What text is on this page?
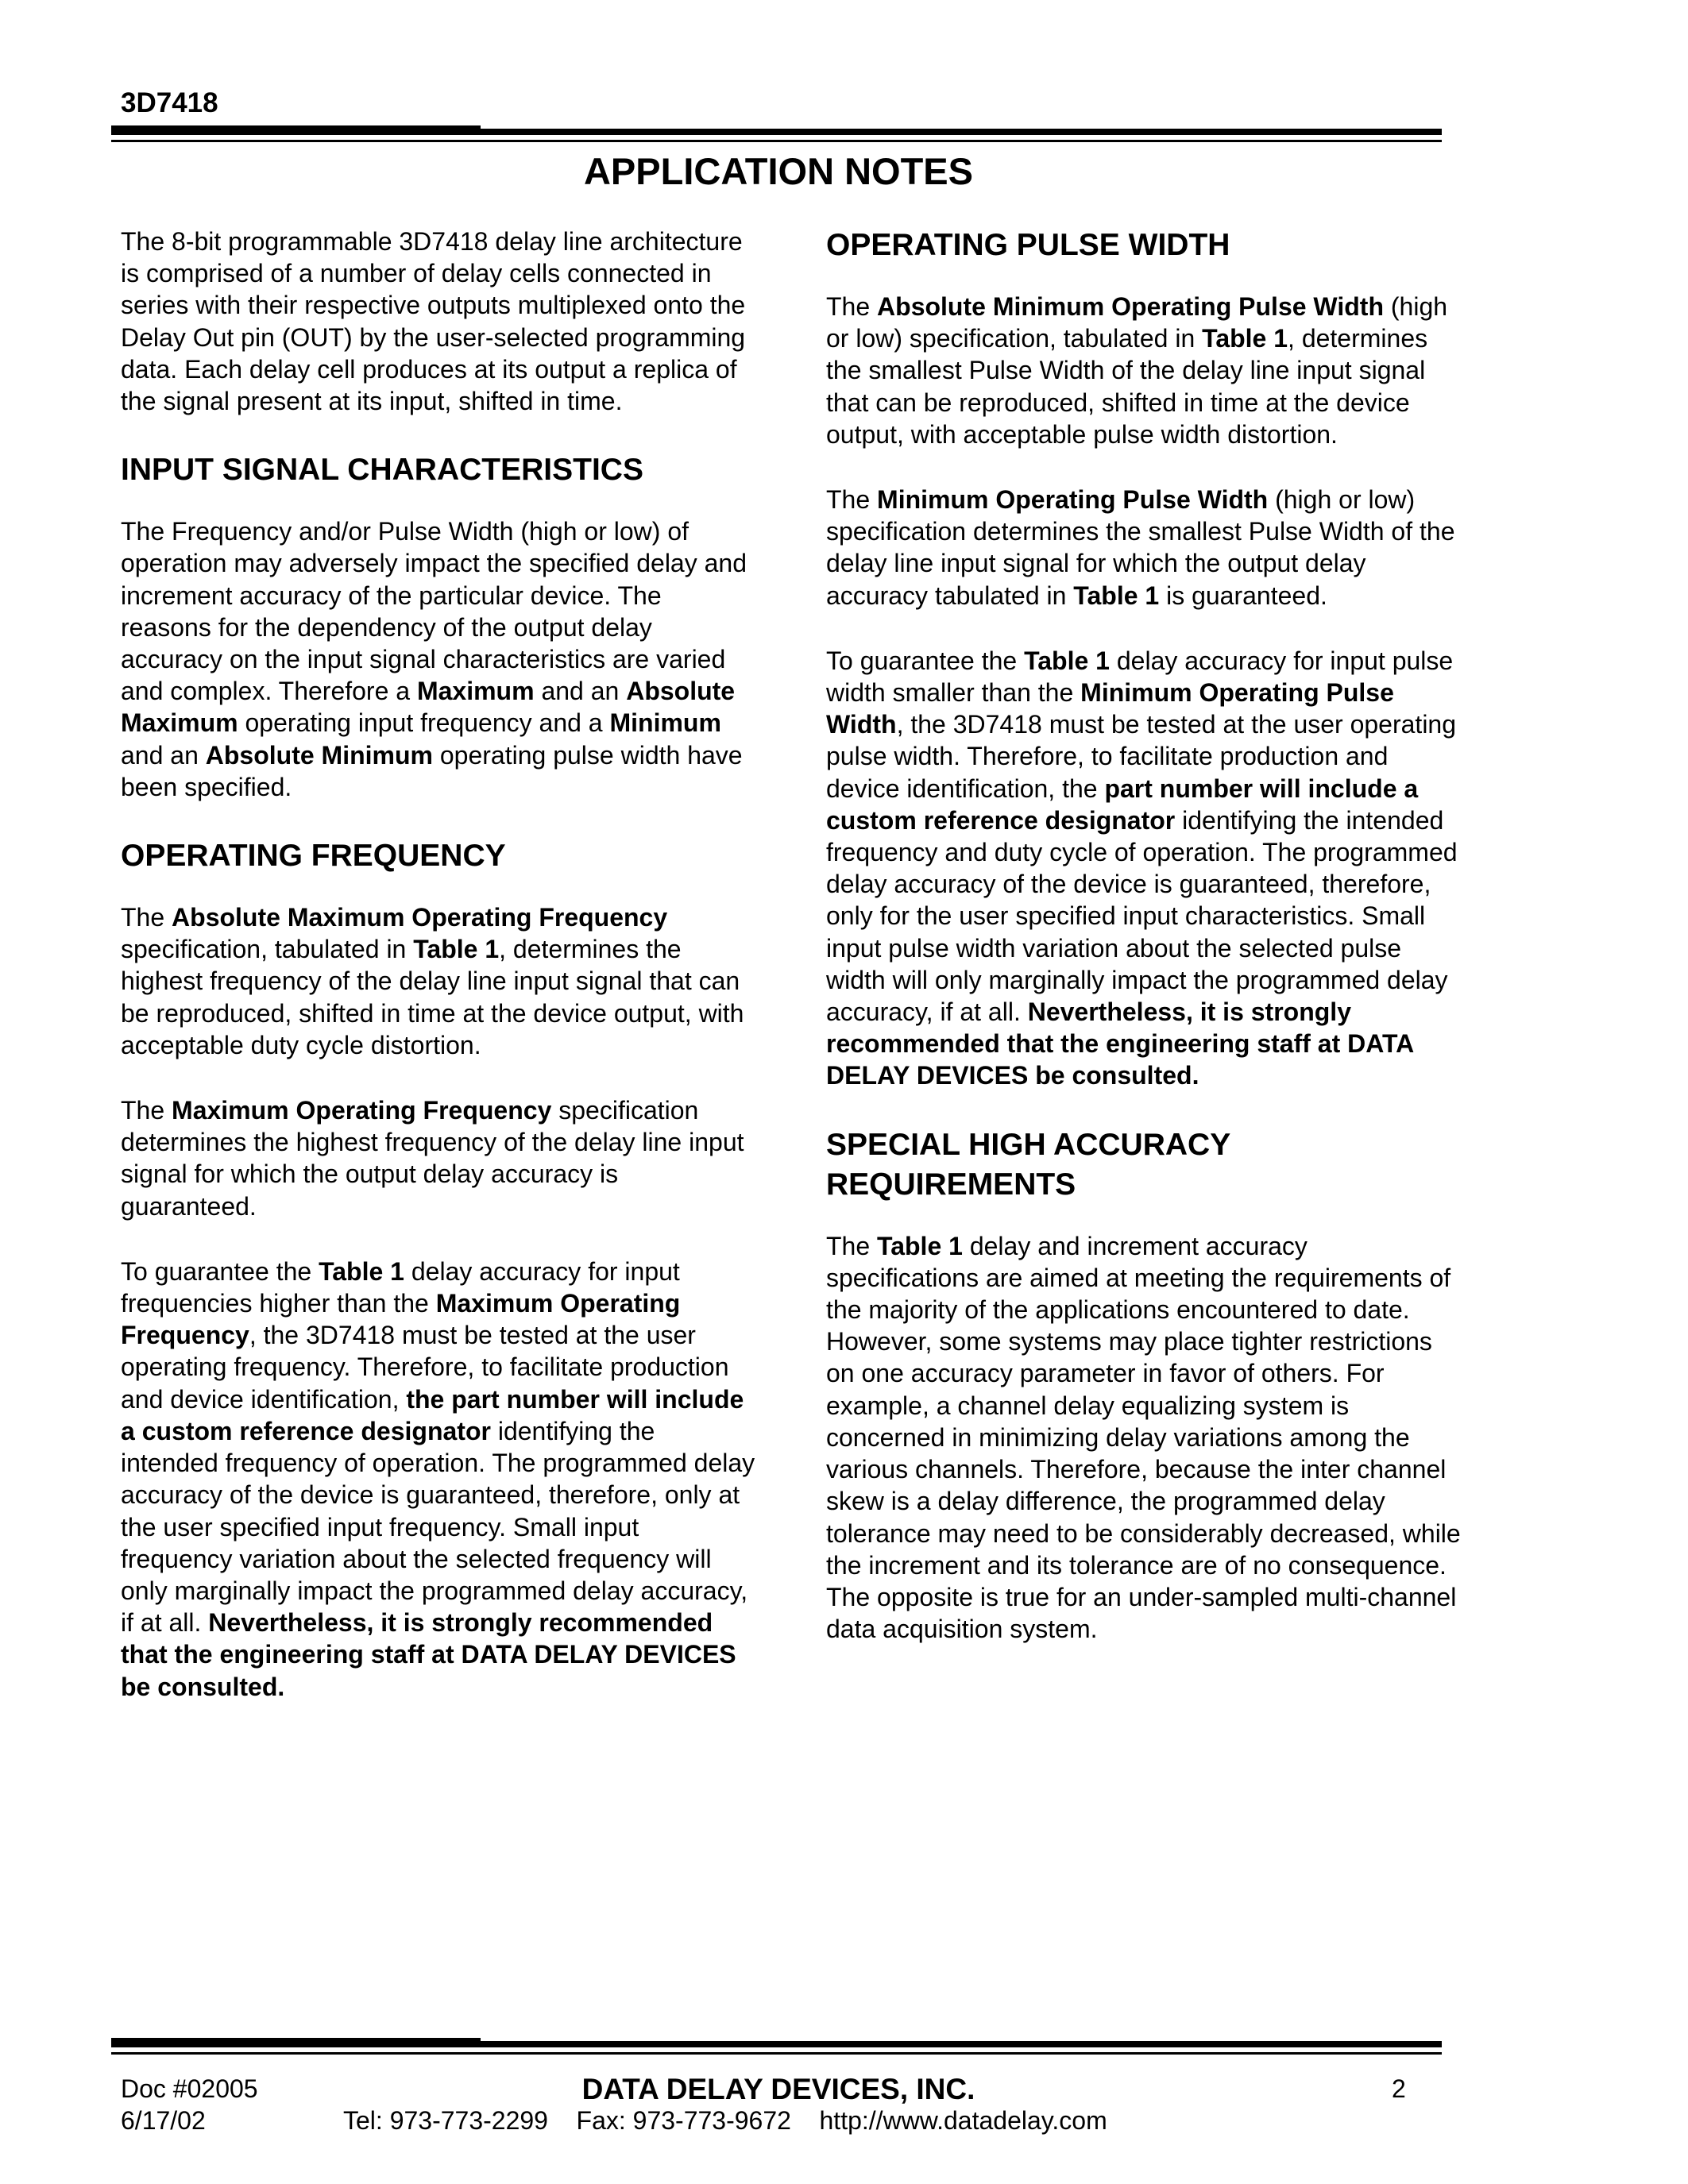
3D7418
APPLICATION NOTES

The 8-bit programmable 3D7418 delay line architecture is comprised of a number of delay cells connected in series with their respective outputs multiplexed onto the Delay Out pin (OUT) by the user-selected programming data. Each delay cell produces at its output a replica of the signal present at its input, shifted in time.

INPUT SIGNAL CHARACTERISTICS

The Frequency and/or Pulse Width (high or low) of operation may adversely impact the specified delay and increment accuracy of the particular device. The reasons for the dependency of the output delay accuracy on the input signal characteristics are varied and complex. Therefore a Maximum and an Absolute Maximum operating input frequency and a Minimum and an Absolute Minimum operating pulse width have been specified.

OPERATING FREQUENCY

The Absolute Maximum Operating Frequency specification, tabulated in Table 1, determines the highest frequency of the delay line input signal that can be reproduced, shifted in time at the device output, with acceptable duty cycle distortion.

The Maximum Operating Frequency specification determines the highest frequency of the delay line input signal for which the output delay accuracy is guaranteed.

To guarantee the Table 1 delay accuracy for input frequencies higher than the Maximum Operating Frequency, the 3D7418 must be tested at the user operating frequency. Therefore, to facilitate production and device identification, the part number will include a custom reference designator identifying the intended frequency of operation. The programmed delay accuracy of the device is guaranteed, therefore, only at the user specified input frequency. Small input frequency variation about the selected frequency will only marginally impact the programmed delay accuracy, if at all. Nevertheless, it is strongly recommended that the engineering staff at DATA DELAY DEVICES be consulted.

OPERATING PULSE WIDTH

The Absolute Minimum Operating Pulse Width (high or low) specification, tabulated in Table 1, determines the smallest Pulse Width of the delay line input signal that can be reproduced, shifted in time at the device output, with acceptable pulse width distortion.

The Minimum Operating Pulse Width (high or low) specification determines the smallest Pulse Width of the delay line input signal for which the output delay accuracy tabulated in Table 1 is guaranteed.

To guarantee the Table 1 delay accuracy for input pulse width smaller than the Minimum Operating Pulse Width, the 3D7418 must be tested at the user operating pulse width. Therefore, to facilitate production and device identification, the part number will include a custom reference designator identifying the intended frequency and duty cycle of operation. The programmed delay accuracy of the device is guaranteed, therefore, only for the user specified input characteristics. Small input pulse width variation about the selected pulse width will only marginally impact the programmed delay accuracy, if at all. Nevertheless, it is strongly recommended that the engineering staff at DATA DELAY DEVICES be consulted.

SPECIAL HIGH ACCURACY REQUIREMENTS

The Table 1 delay and increment accuracy specifications are aimed at meeting the requirements of the majority of the applications encountered to date. However, some systems may place tighter restrictions on one accuracy parameter in favor of others. For example, a channel delay equalizing system is concerned in minimizing delay variations among the various channels. Therefore, because the inter channel skew is a delay difference, the programmed delay tolerance may need to be considerably decreased, while the increment and its tolerance are of no consequence. The opposite is true for an under-sampled multi-channel data acquisition system.

Doc #02005
6/17/02
DATA DELAY DEVICES, INC.	2
Tel: 973-773-2299    Fax: 973-773-9672    http://www.datadelay.com
